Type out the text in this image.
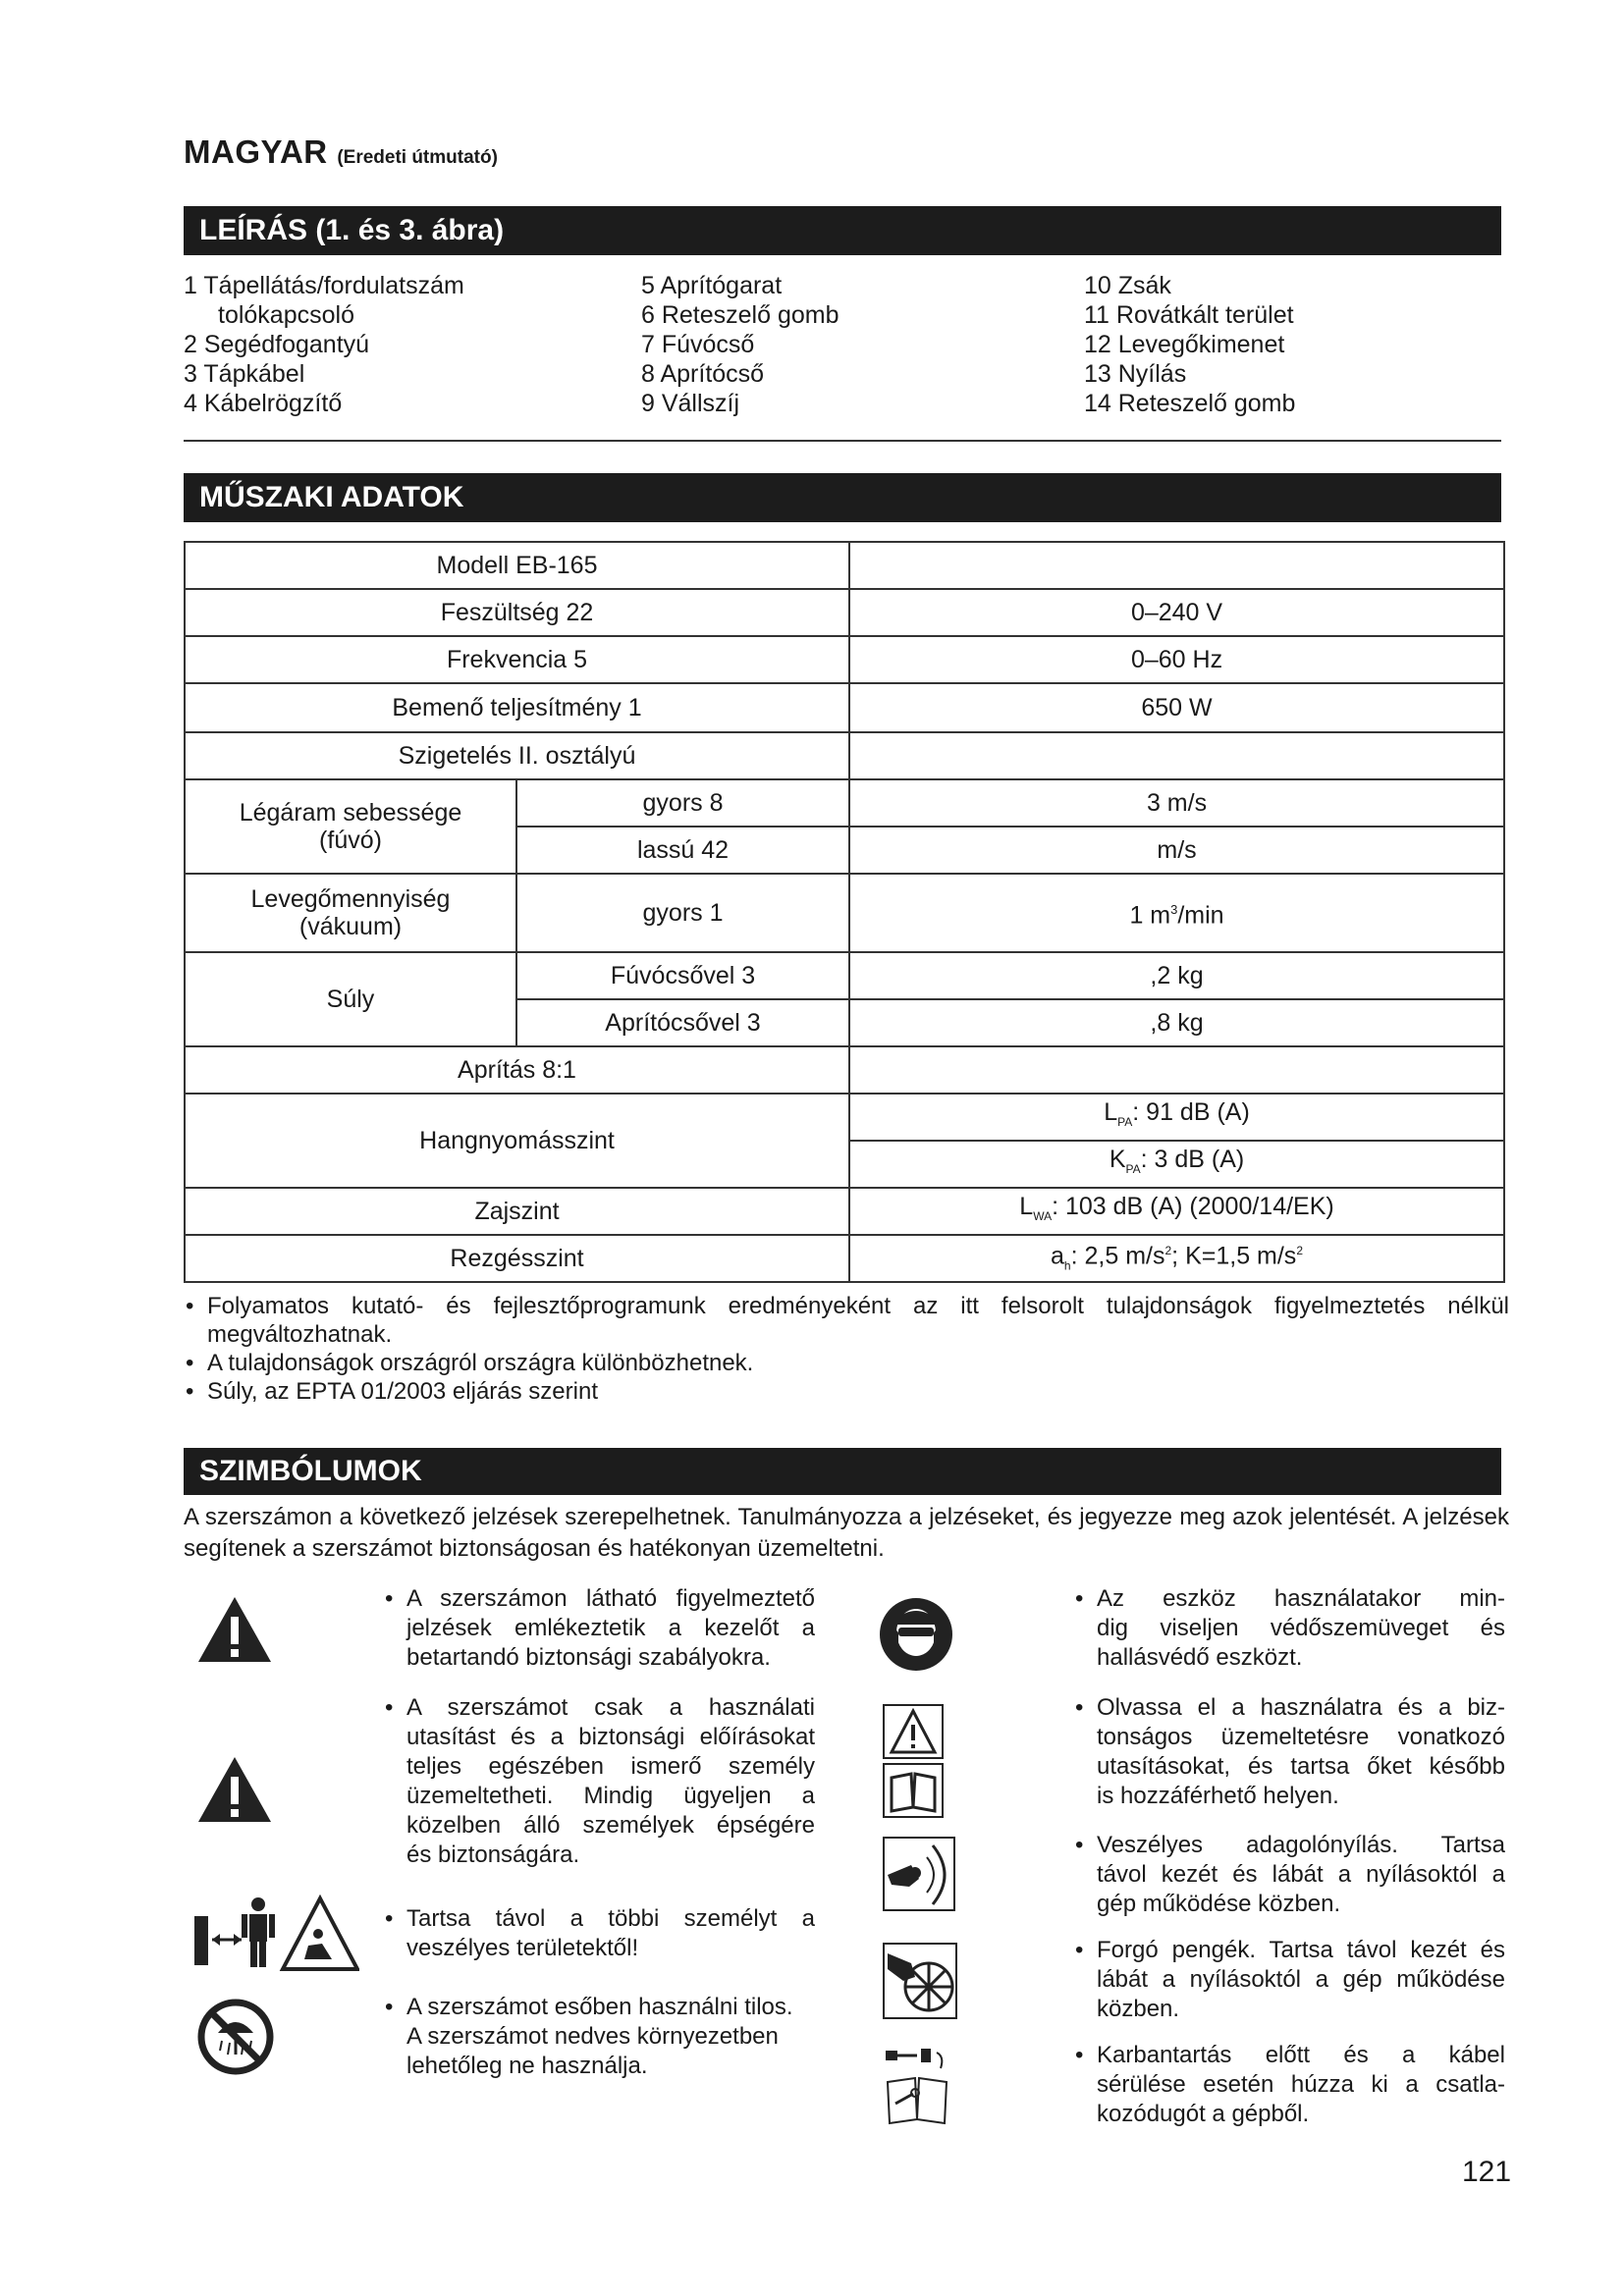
MAGYAR (Eredeti útmutató)
LEÍRÁS (1. és 3. ábra)
1 Tápellátás/fordulatszám
tolókapcsoló
2 Segédfogantyú
3 Tápkábel
4 Kábelrögzítő
5 Aprítógarat
6 Reteszelő gomb
7 Fúvócső
8 Aprítócső
9 Vállszíj
10 Zsák
11 Rovátkált terület
12 Levegőkimenet
13 Nyílás
14 Reteszelő gomb
MŰSZAKI ADATOK
Modell EB-165		
Feszültség 22		0–240 V
Frekvencia 5		0–60 Hz
Bemenő teljesítmény 1		650 W
Szigetelés II. osztályú		
Légáram sebessége (fúvó)	gyors 8	3 m/s
	lassú 42	m/s
Levegőmennyiség (vákuum)	gyors 1	1 $m^3/\min$
Súly	Fúvócsővel 3	,2 kg
	Aprítócsővel 3	,8 kg
Aprítás 8:1		
Hangnyomásszint		$L_{PA}$: 91 dB (A)
		$K_{PA}$: 3 dB (A)
Zajszint		$L_{WA}$: 103 dB (A) (2000/14/EK)
Rezgésszint		$a_h$: 2,5 $m/s^2$; K=1,5 $m/s^2$
• Folyamatos kutató- és fejlesztőprogramunk eredményeként az itt felsorolt tulajdonságok figyelmeztetés nélkül
megváltozhatnak.
• A tulajdonságok országról országra különbözhetnek.
• Súly, az EPTA 01/2003 eljárás szerint
SZIMBÓLUMOK
A szerszámon a következő jelzések szerepelhetnek. Tanulmányozza a jelzéseket, és jegyezze meg azok jelentését. A jelzések segítenek a szerszámot biztonságosan és hatékonyan üzemeltetni.
• A szerszámon látható figyelmeztető
jelzések emlékeztetik a kezelőt a
betartandó biztonsági szabályokra.
• A szerszámot csak a használati
utasítást és a biztonsági előírásokat
teljes egészében ismerő személy
üzemeltetheti. Mindig ügyeljen a
közelben álló személyek épségére
és biztonságára.
• Tartsa távol a többi személyt a
veszélyes területektől!
• A szerszámot esőben használni tilos.
A szerszámot nedves környezetben
lehetőleg ne használja.
• Az eszköz használatakor min-
dig viseljen védőszemüveget és
hallásvédő eszközt.
• Olvassa el a használatra és a biz-
tonságos üzemeltetésre vonatkozó
utasításokat, és tartsa őket később
is hozzáférhető helyen.
• Veszélyes adagolónyílás. Tartsa
távol kezét és lábát a nyílásoktól a
gép működése közben.
• Forgó pengék. Tartsa távol kezét és
lábát a nyílásoktól a gép működése
közben.
• Karbantartás előtt és a kábel
sérülése esetén húzza ki a csatla-
kozódugót a gépből.
121
